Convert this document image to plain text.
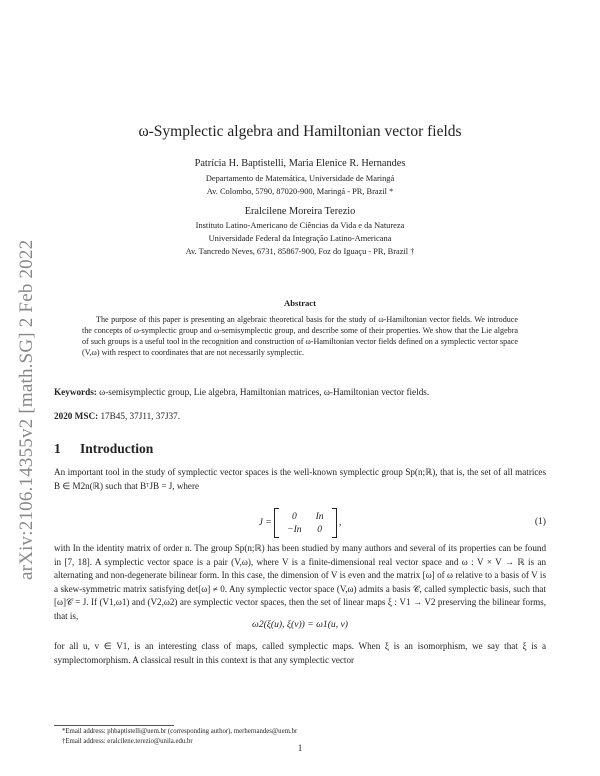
arXiv:2106.14355v2 [math.SG] 2 Feb 2022
ω-Symplectic algebra and Hamiltonian vector fields
Patrícia H. Baptistelli, Maria Elenice R. Hernandes
Departamento de Matemática, Universidade de Maringá
Av. Colombo, 5790, 87020-900, Maringá - PR, Brazil *
Eralcilene Moreira Terezio
Instituto Latino-Americano de Ciências da Vida e da Natureza
Universidade Federal da Integração Latino-Americana
Av. Tancredo Neves, 6731, 85867-900, Foz do Iguaçu - PR, Brazil †
Abstract
The purpose of this paper is presenting an algebraic theoretical basis for the study of ω-Hamiltonian vector fields. We introduce the concepts of ω-symplectic group and ω-semisymplectic group, and describe some of their properties. We show that the Lie algebra of such groups is a useful tool in the recognition and construction of ω-Hamiltonian vector fields defined on a symplectic vector space (V,ω) with respect to coordinates that are not necessarily symplectic.
Keywords: ω-semisymplectic group, Lie algebra, Hamiltonian matrices, ω-Hamiltonian vector fields.
2020 MSC: 17B45, 37J11, 37J37.
1 Introduction
An important tool in the study of symplectic vector spaces is the well-known symplectic group Sp(n;ℝ), that is, the set of all matrices B ∈ M2n(ℝ) such that BᵀJB = J, where
J =
0	In
−In	0
,	(1)
with In the identity matrix of order n. The group Sp(n;ℝ) has been studied by many authors and several of its properties can be found in [7, 18]. A symplectic vector space is a pair (V,ω), where V is a finite-dimensional real vector space and ω : V × V → ℝ is an alternating and non-degenerate bilinear form. In this case, the dimension of V is even and the matrix [ω] of ω relative to a basis of V is a skew-symmetric matrix satisfying det[ω] ≠ 0. Any symplectic vector space (V,ω) admits a basis 𝒞, called symplectic basis, such that [ω]𝒞 = J. If (V1,ω1) and (V2,ω2) are symplectic vector spaces, then the set of linear maps ξ : V1 → V2 preserving the bilinear forms, that is,
ω2(ξ(u), ξ(v)) = ω1(u, v)
for all u, v ∈ V1, is an interesting class of maps, called symplectic maps. When ξ is an isomorphism, we say that ξ is a symplectomorphism. A classical result in this context is that any symplectic vector
*Email address: phbaptistelli@uem.br (corresponding author), merhernandes@uem.br
†Email address: eralcilene.terezio@unila.edu.br
1
